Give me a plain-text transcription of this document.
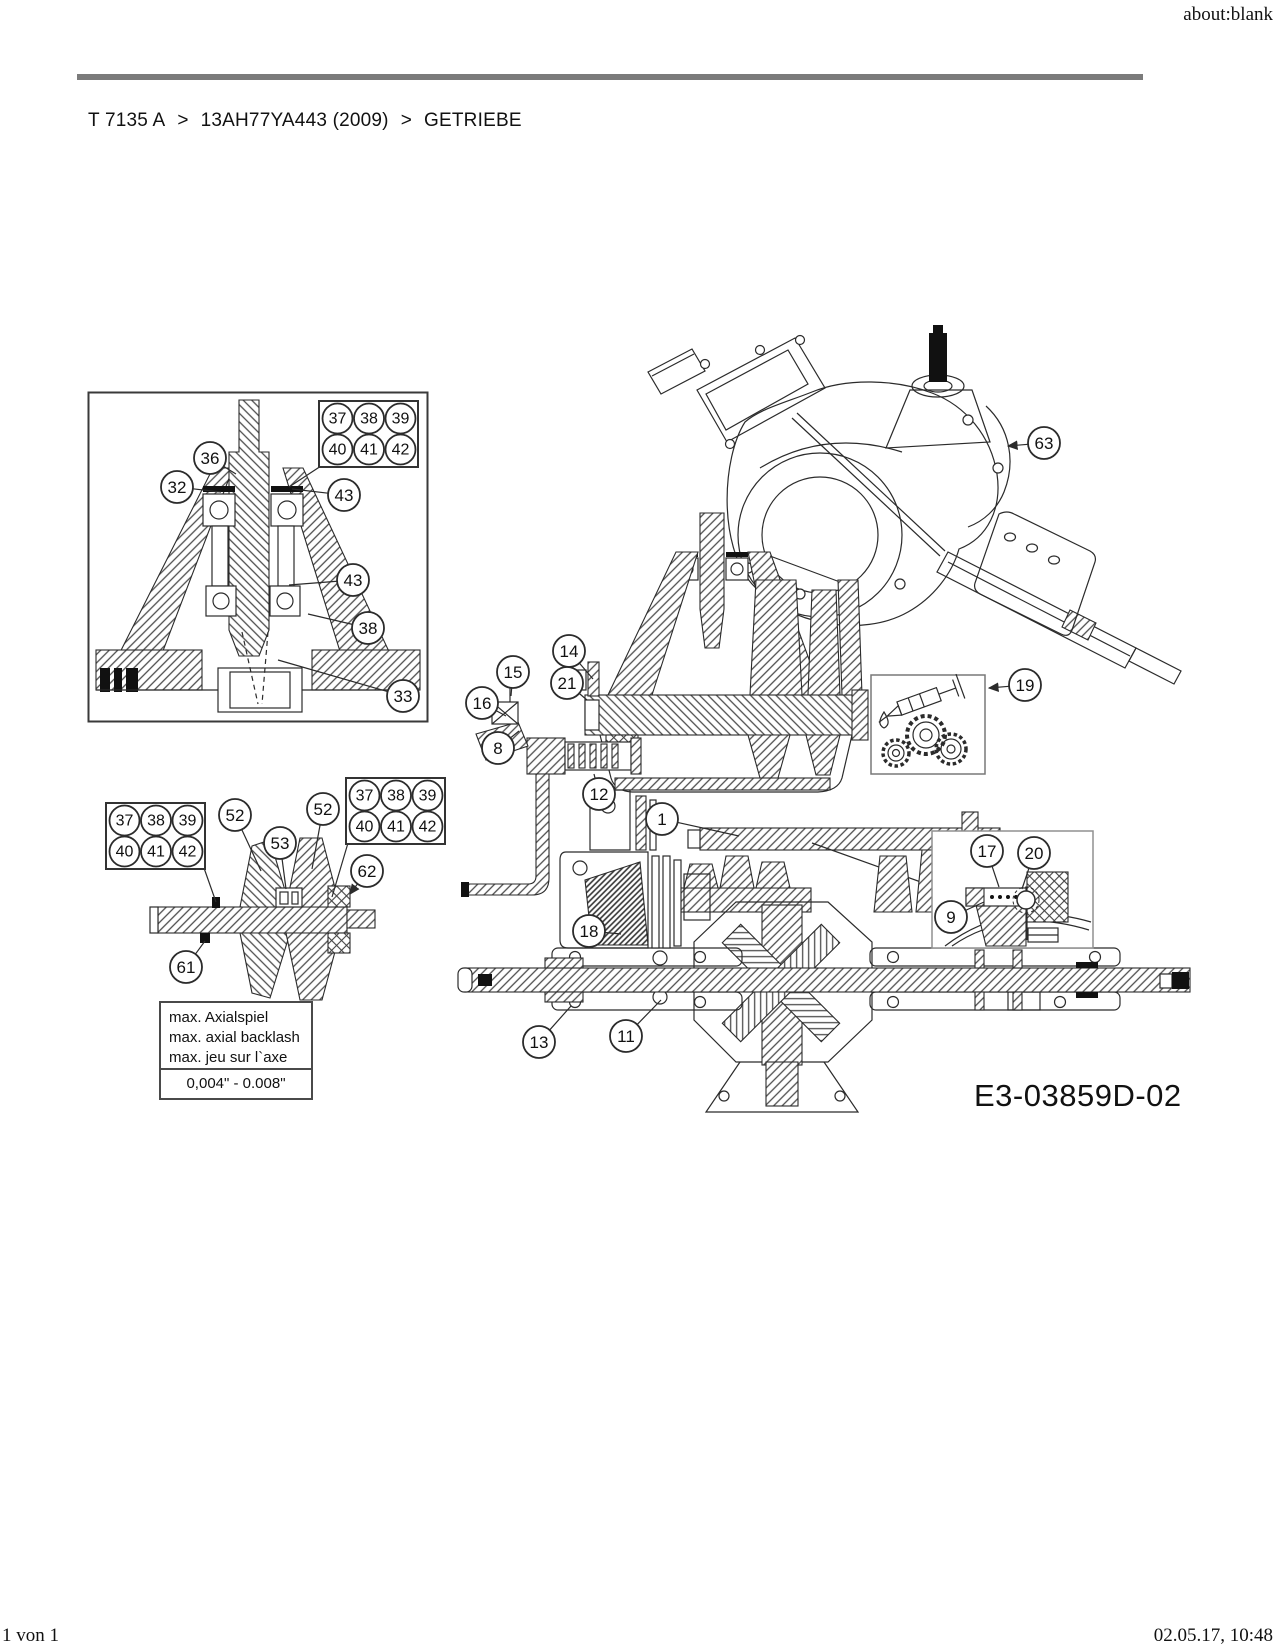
about:blank
T 7135 A > 13AH77YA443 (2009) > GETRIEBE
37 38 39
40 41 42
37 38 39
40 41 42
37 38 39
40 41 42
36
32	43
43
38
33
63
19
15
16
14
21
8
12
1
18
13	11
17 20
9
52
53
52
62
61
E3-03859D-02
max. Axialspiel
max. axial backlash
max. jeu sur l`axe
0,004" - 0.008"
1 von 1	02.05.17, 10:48
